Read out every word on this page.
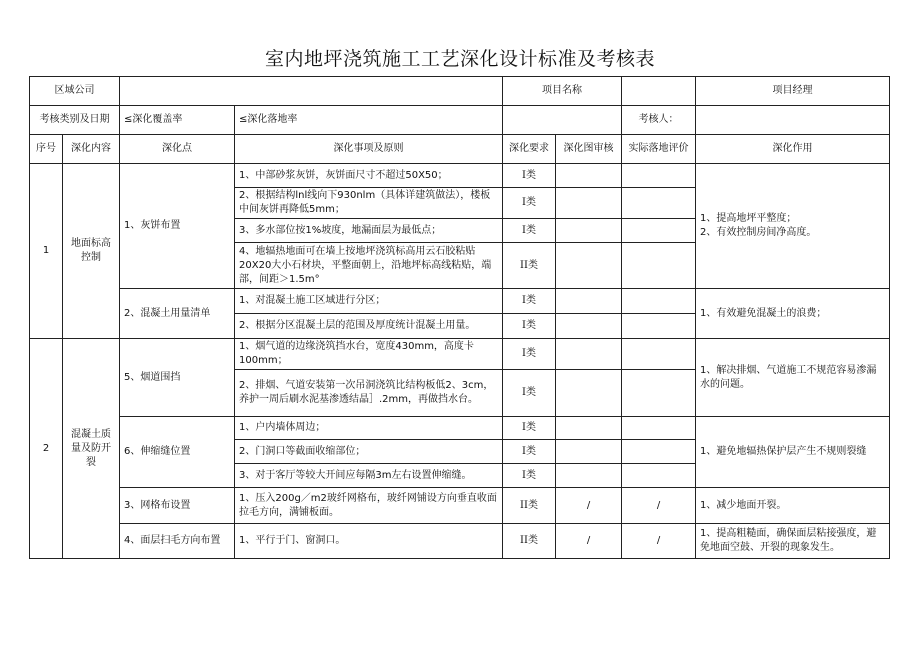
室内地坪浇筑施工工艺深化设计标准及考核表
区域公司				项目名称			项目经理	
考核类别及日期		≤深化覆盖率	≤深化落地率			考核人：		
序号	深化内容	深化点	深化事项及原则	深化要求	深化图审核	实际落地评价	深化作用	
1	地面标高控制	1、灰饼布置	1、中部砂浆灰饼，灰饼面尺寸不超过50X50；	I类			1、提高地坪平整度；
2、有效控制房间净高度。	
			2、根据结构lnl线向下930nlm（具体详建筑做法），楼板中间灰饼再降低5mm；	I类				
			3、多水部位按1%坡度，地漏面层为最低点；	I类				
			4、地辐热地面可在墙上按地坪浇筑标高用云石胶粘贴20X20大小石材块，平整面朝上，沿地坪标高线粘贴，端部，间距＞1.5m°	II类				
		2、混凝土用量清单	1、对混凝土施工区域进行分区；	I类			1、有效避免混凝土的浪费；	
			2、根据分区混凝土层的范围及厚度统计混凝土用量。	I类				
2	混凝土质量及防开裂	5、烟道围挡	1、烟气道的边缘浇筑挡水台，宽度430mm，高度卡100mm；	I类			1、解决排烟、气道施工不规范容易渗漏水的问题。	
			2、排烟、气道安装第一次吊洞浇筑比结构板低2、3cm，养护一周后刷水泥基渗透结晶］.2mm，再做挡水台。	I类				
		6、伸缩缝位置	1、户内墙体周边；	I类			1、避免地辐热保护层产生不规则裂缝	
			2、门洞口等截面收缩部位；	I类				
			3、对于客厅等较大开间应每隔3m左右设置伸缩缝。	I类				
		3、网格布设置	1、压入200g／m2玻纤网格布，玻纤网铺设方向垂直收面拉毛方向，满铺板面。	II类	/	/	1、减少地面开裂。	
		4、面层扫毛方向布置	1、平行于门、窗洞口。	II类	/	/	1、提高粗糙面，确保面层粘接强度，避免地面空鼓、开裂的现象发生。	
